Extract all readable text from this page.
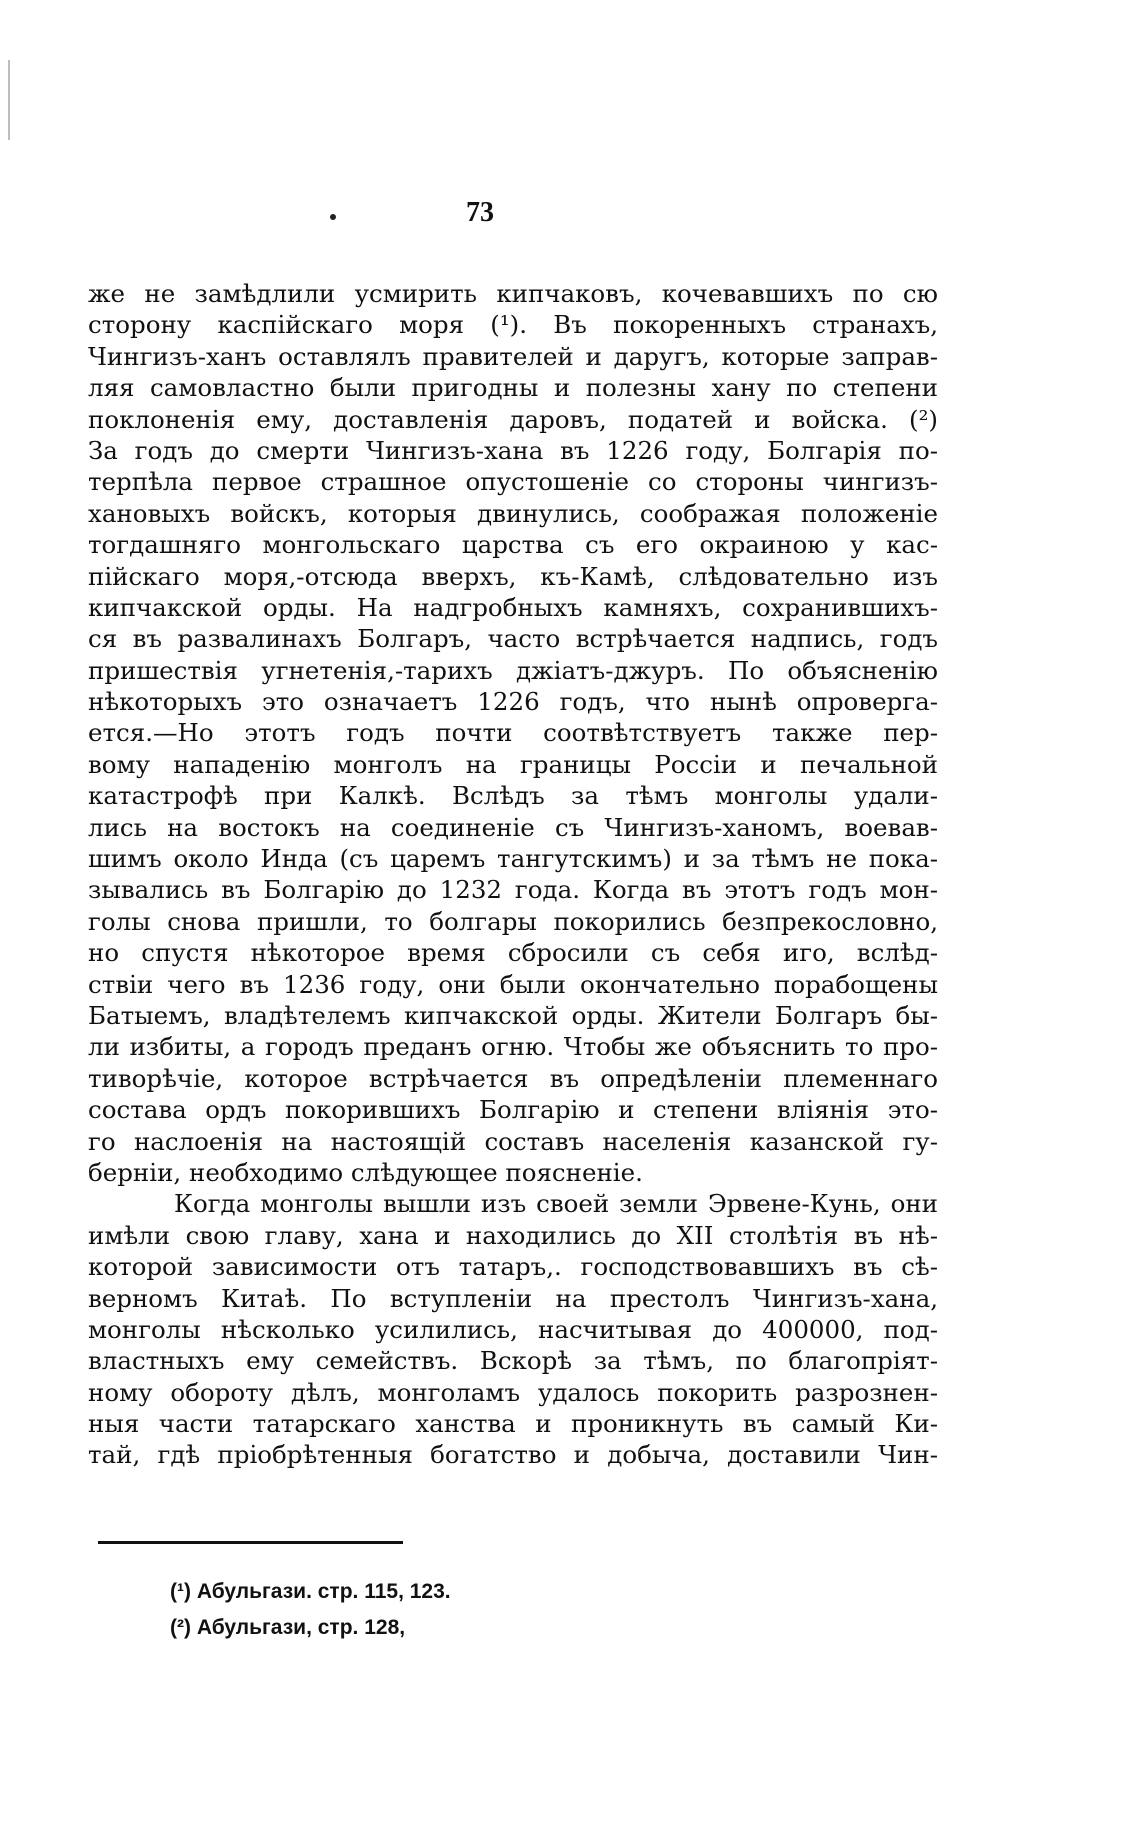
73
же не замѣдлили усмирить кипчаковъ, кочевавшихъ по сю
сторону каспійскаго моря (¹). Въ покоренныхъ странахъ,
Чингизъ-ханъ оставлялъ правителей и даругъ, которые заправ-
ляя самовластно были пригодны и полезны хану по степени
поклоненія ему, доставленія даровъ, податей и войска. (²)
За годъ до смерти Чингизъ-хана въ 1226 году, Болгарія по-
терпѣла первое страшное опустошеніе со стороны чингизъ-
хановыхъ войскъ, которыя двинулись, соображая положеніе
тогдашняго монгольскаго царства съ его окраиною у кас-
пійскаго моря,-отсюда вверхъ, къ-Камѣ, слѣдовательно изъ
кипчакской орды. На надгробныхъ камняхъ, сохранившихъ-
ся въ развалинахъ Болгаръ, часто встрѣчается надпись, годъ
пришествія угнетенія,-тарихъ джіатъ-джуръ. По объясненію
нѣкоторыхъ это означаетъ 1226 годъ, что нынѣ опроверга-
ется.—Но этотъ годъ почти соотвѣтствуетъ также пер-
вому нападенію монголъ на границы Россіи и печальной
катастрофѣ при Калкѣ. Вслѣдъ за тѣмъ монголы удали-
лись на востокъ на соединеніе съ Чингизъ-ханомъ, воевав-
шимъ около Инда (съ царемъ тангутскимъ) и за тѣмъ не пока-
зывались въ Болгарію до 1232 года. Когда въ этотъ годъ мон-
голы снова пришли, то болгары покорились безпрекословно,
но спустя нѣкоторое время сбросили съ себя иго, вслѣд-
ствіи чего въ 1236 году, они были окончательно порабощены
Батыемъ, владѣтелемъ кипчакской орды. Жители Болгаръ бы-
ли избиты, а городъ преданъ огню. Чтобы же объяснить то про-
тиворѣчіе, которое встрѣчается въ опредѣленіи племеннаго
состава ордъ покорившихъ Болгарію и степени вліянія это-
го наслоенія на настоящій составъ населенія казанской гу-
берніи, необходимо слѣдующее поясненіе.
Когда монголы вышли изъ своей земли Эрвене-Кунь, они
имѣли свою главу, хана и находились до XII столѣтія въ нѣ-
которой зависимости отъ татаръ,. господствовавшихъ въ сѣ-
верномъ Китаѣ. По вступленіи на престолъ Чингизъ-хана,
монголы нѣсколько усилились, насчитывая до 400000, под-
властныхъ ему семействъ. Вскорѣ за тѣмъ, по благопріят-
ному обороту дѣлъ, монголамъ удалось покорить разрознен-
ныя части татарскаго ханства и проникнуть въ самый Ки-
тай, гдѣ пріобрѣтенныя богатство и добыча, доставили Чин-
(¹) Абульгази. стр. 115, 123.
(²) Абульгази, стр. 128,
